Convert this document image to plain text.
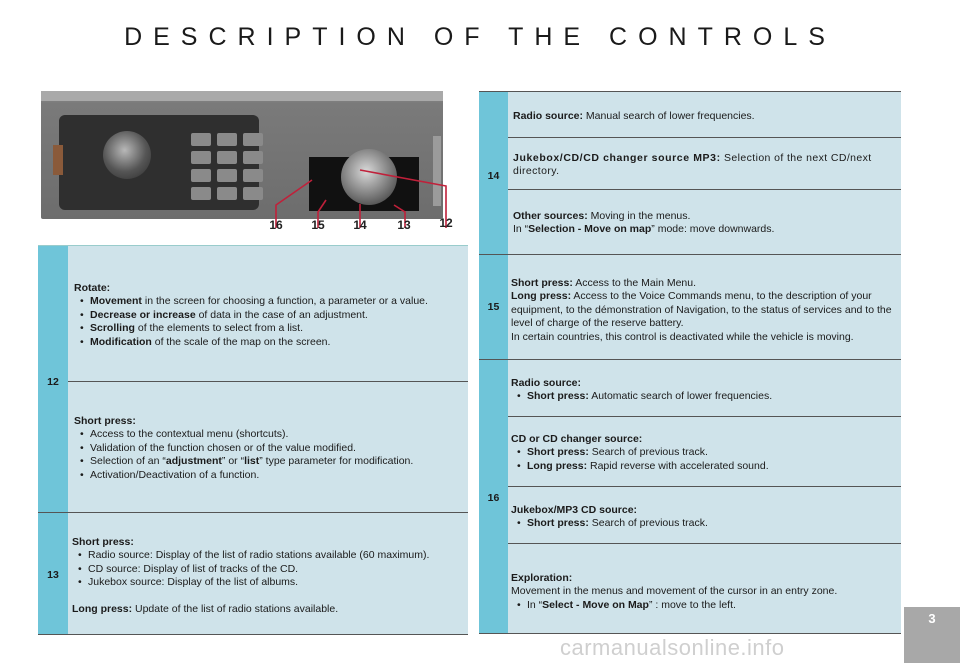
DESCRIPTION OF THE CONTROLS
16	15	14	13	12
12
Rotate:
• Movement in the screen for choosing a function, a parameter or a value.
• Decrease or increase of data in the case of an adjustment.
• Scrolling of the elements to select from a list.
• Modification of the scale of the map on the screen.
Short press:
• Access to the contextual menu (shortcuts).
• Validation of the function chosen or of the value modified.
• Selection of an “adjustment” or “list” type parameter for modification.
• Activation/Deactivation of a function.
13
Short press:
• Radio source: Display of the list of radio stations available (60 maximum).
• CD source: Display of list of tracks of the CD.
• Jukebox source: Display of the list of albums.
Long press: Update of the list of radio stations available.
14
Radio source: Manual search of lower frequencies.
Jukebox/CD/CD changer source MP3: Selection of the next CD/next directory.
Other sources: Moving in the menus.
In “Selection - Move on map” mode: move downwards.
15
Short press: Access to the Main Menu.
Long press: Access to the Voice Commands menu, to the description of your equipment, to the démonstration of Navigation, to the status of services and to the level of charge of the reserve battery.
In certain countries, this control is deactivated while the vehicle is moving.
16
Radio source:
• Short press: Automatic search of lower frequencies.
CD or CD changer source:
• Short press: Search of previous track.
• Long press: Rapid reverse with accelerated sound.
Jukebox/MP3 CD source:
• Short press: Search of previous track.
Exploration:
Movement in the menus and movement of the cursor in an entry zone.
• In “Select - Move on Map” : move to the left.
3
carmanualsonline.info
